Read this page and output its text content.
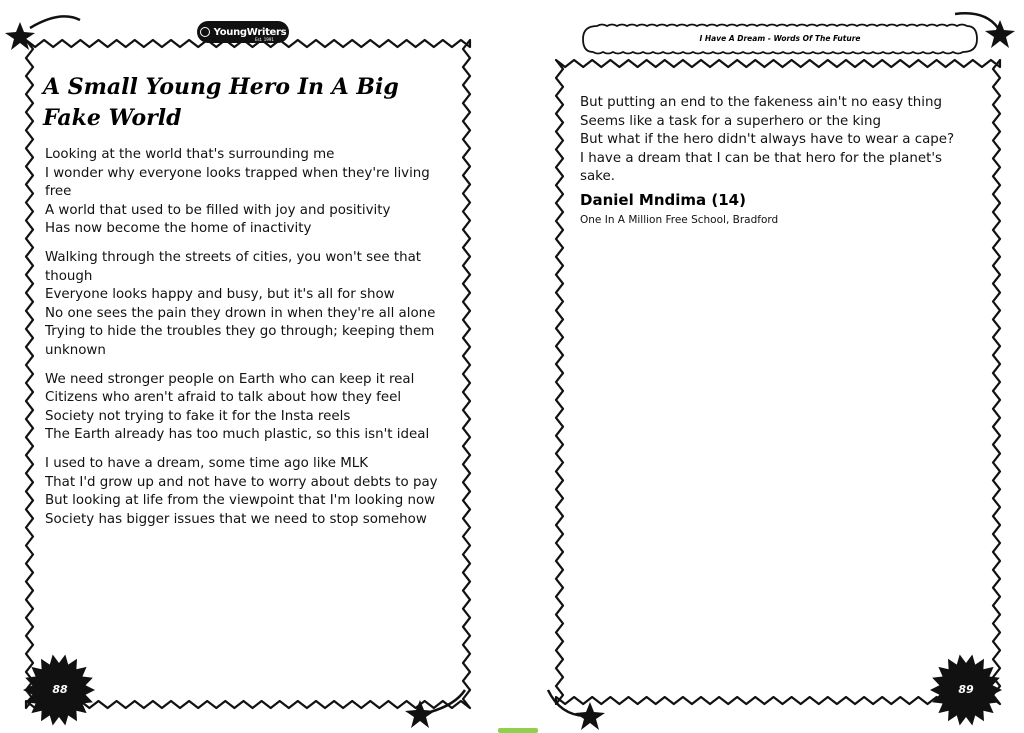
YoungWriters
Est. 1991
A Small Young Hero In A Big Fake World
Looking at the world that's surrounding me
I wonder why everyone looks trapped when they're living
free
A world that used to be filled with joy and positivity
Has now become the home of inactivity
Walking through the streets of cities, you won't see that
though
Everyone looks happy and busy, but it's all for show
No one sees the pain they drown in when they're all alone
Trying to hide the troubles they go through; keeping them
unknown
We need stronger people on Earth who can keep it real
Citizens who aren't afraid to talk about how they feel
Society not trying to fake it for the Insta reels
The Earth already has too much plastic, so this isn't ideal
I used to have a dream, some time ago like MLK
That I'd grow up and not have to worry about debts to pay
But looking at life from the viewpoint that I'm looking now
Society has bigger issues that we need to stop somehow
I Have A Dream - Words Of The Future
But putting an end to the fakeness ain't no easy thing
Seems like a task for a superhero or the king
But what if the hero didn't always have to wear a cape?
I have a dream that I can be that hero for the planet's
sake.

Daniel Mndima (14)

One In A Million Free School, Bradford

88	89
